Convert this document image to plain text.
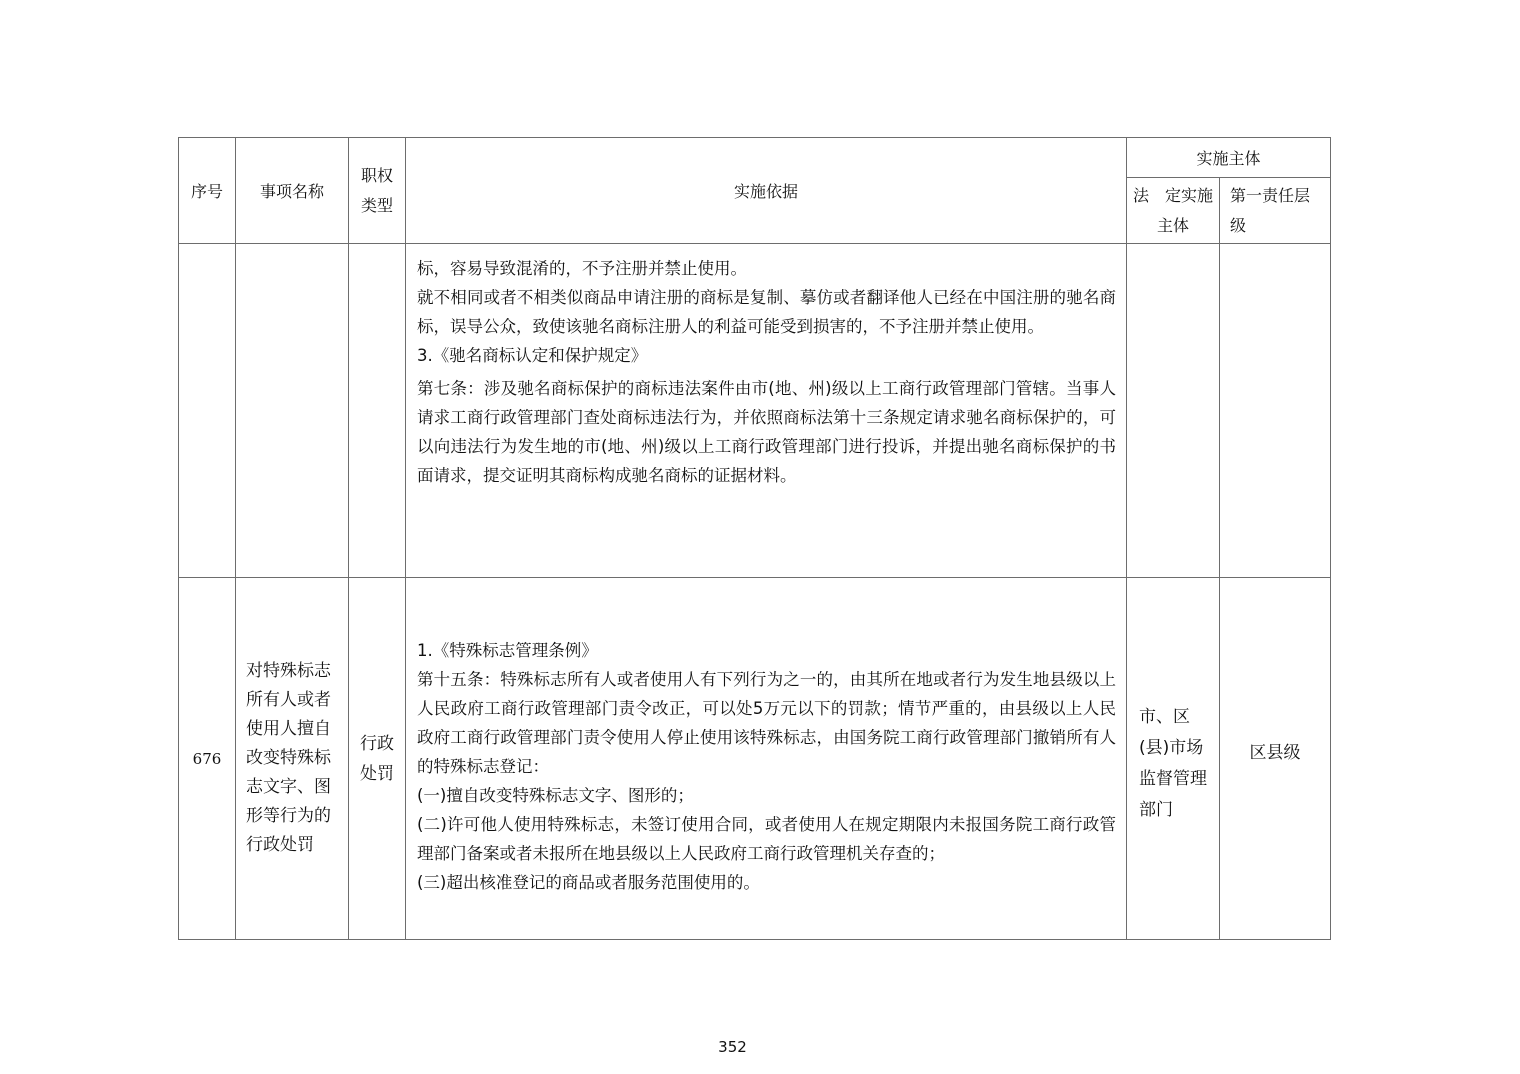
序号	事项名称	职权类型	实施依据	实施主体	
				法　定实施主体	第一责任层级

			标，容易导致混淆的，不予注册并禁止使用。

就不相同或者不相类似商品申请注册的商标是复制、摹仿或者翻译他人已经在中国注册的驰名商标，误导公众，致使该驰名商标注册人的利益可能受到损害的，不予注册并禁止使用。

3.《驰名商标认定和保护规定》

第七条：涉及驰名商标保护的商标违法案件由市(地、州)级以上工商行政管理部门管辖。当事人请求工商行政管理部门查处商标违法行为，并依照商标法第十三条规定请求驰名商标保护的，可以向违法行为发生地的市(地、州)级以上工商行政管理部门进行投诉，并提出驰名商标保护的书面请求，提交证明其商标构成驰名商标的证据材料。		

676	对特殊标志所有人或者使用人擅自改变特殊标志文字、图形等行为的行政处罚	行政处罚	1.《特殊标志管理条例》

第十五条：特殊标志所有人或者使用人有下列行为之一的，由其所在地或者行为发生地县级以上人民政府工商行政管理部门责令改正，可以处5万元以下的罚款；情节严重的，由县级以上人民政府工商行政管理部门责令使用人停止使用该特殊标志，由国务院工商行政管理部门撤销所有人的特殊标志登记：

(一)擅自改变特殊标志文字、图形的；

(二)许可他人使用特殊标志，未签订使用合同，或者使用人在规定期限内未报国务院工商行政管理部门备案或者未报所在地县级以上人民政府工商行政管理机关存查的；

(三)超出核准登记的商品或者服务范围使用的。	市、区(县)市场监督管理部门	区县级
352
